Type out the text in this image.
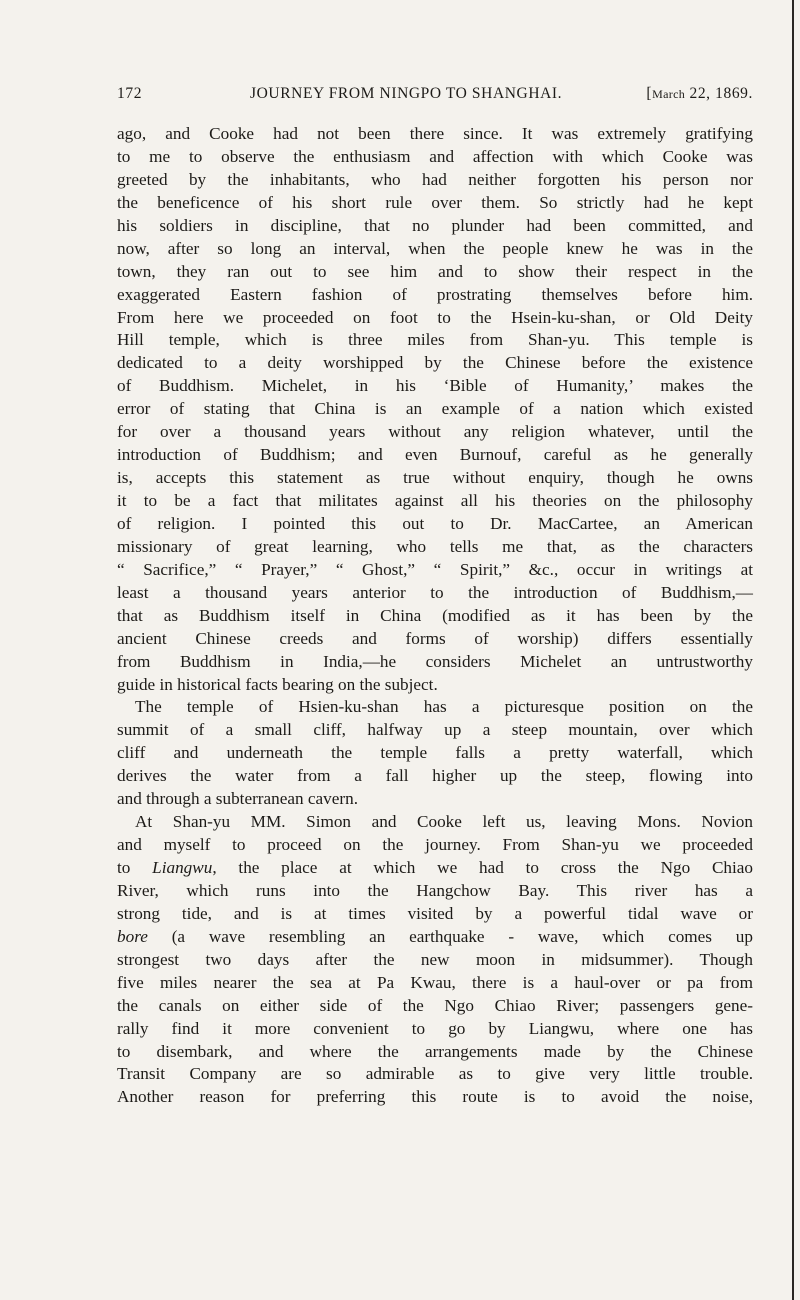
172	JOURNEY FROM NINGPO TO SHANGHAI.	[March 22, 1869.
ago, and Cooke had not been there since. It was extremely gratifying
to me to observe the enthusiasm and affection with which Cooke was
greeted by the inhabitants, who had neither forgotten his person nor
the beneficence of his short rule over them. So strictly had he kept
his soldiers in discipline, that no plunder had been committed, and
now, after so long an interval, when the people knew he was in the
town, they ran out to see him and to show their respect in the
exaggerated Eastern fashion of prostrating themselves before him.
From here we proceeded on foot to the Hsein-ku-shan, or Old Deity
Hill temple, which is three miles from Shan-yu. This temple is
dedicated to a deity worshipped by the Chinese before the existence
of Buddhism. Michelet, in his ‘Bible of Humanity,’ makes the
error of stating that China is an example of a nation which existed
for over a thousand years without any religion whatever, until the
introduction of Buddhism; and even Burnouf, careful as he generally
is, accepts this statement as true without enquiry, though he owns
it to be a fact that militates against all his theories on the philosophy
of religion. I pointed this out to Dr. MacCartee, an American
missionary of great learning, who tells me that, as the characters
“ Sacrifice,” “ Prayer,” “ Ghost,” “ Spirit,” &c., occur in writings at
least a thousand years anterior to the introduction of Buddhism,—
that as Buddhism itself in China (modified as it has been by the
ancient Chinese creeds and forms of worship) differs essentially
from Buddhism in India,—he considers Michelet an untrustworthy
guide in historical facts bearing on the subject.
The temple of Hsien-ku-shan has a picturesque position on the
summit of a small cliff, halfway up a steep mountain, over which
cliff and underneath the temple falls a pretty waterfall, which
derives the water from a fall higher up the steep, flowing into
and through a subterranean cavern.
At Shan-yu MM. Simon and Cooke left us, leaving Mons. Novion
and myself to proceed on the journey. From Shan-yu we proceeded
to Liangwu, the place at which we had to cross the Ngo Chiao
River, which runs into the Hangchow Bay. This river has a
strong tide, and is at times visited by a powerful tidal wave or
bore (a wave resembling an earthquake - wave, which comes up
strongest two days after the new moon in midsummer). Though
five miles nearer the sea at Pa Kwau, there is a haul-over or pa from
the canals on either side of the Ngo Chiao River; passengers gene-
rally find it more convenient to go by Liangwu, where one has
to disembark, and where the arrangements made by the Chinese
Transit Company are so admirable as to give very little trouble.
Another reason for preferring this route is to avoid the noise,
